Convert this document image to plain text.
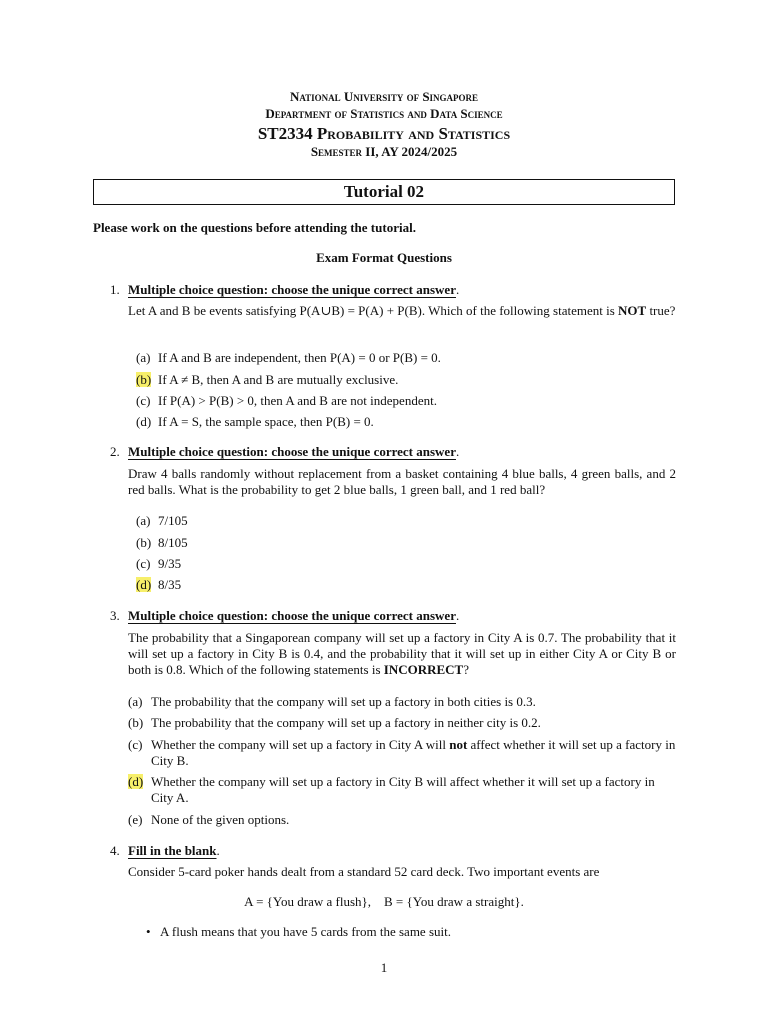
National University of Singapore
Department of Statistics and Data Science
ST2334 Probability and Statistics
Semester II, AY 2024/2025
Tutorial 02
Please work on the questions before attending the tutorial.
Exam Format Questions
1. Multiple choice question: choose the unique correct answer.
Let A and B be events satisfying P(A∪B) = P(A) + P(B). Which of the following statement is NOT true?
(a) If A and B are independent, then P(A) = 0 or P(B) = 0.
(b) If A ≠ B, then A and B are mutually exclusive.
(c) If P(A) > P(B) > 0, then A and B are not independent.
(d) If A = S, the sample space, then P(B) = 0.
2. Multiple choice question: choose the unique correct answer.
Draw 4 balls randomly without replacement from a basket containing 4 blue balls, 4 green balls, and 2 red balls. What is the probability to get 2 blue balls, 1 green ball, and 1 red ball?
(a) 7/105
(b) 8/105
(c) 9/35
(d) 8/35
3. Multiple choice question: choose the unique correct answer.
The probability that a Singaporean company will set up a factory in City A is 0.7. The probability that it will set up a factory in City B is 0.4, and the probability that it will set up in either City A or City B or both is 0.8. Which of the following statements is INCORRECT?
(a) The probability that the company will set up a factory in both cities is 0.3.
(b) The probability that the company will set up a factory in neither city is 0.2.
(c) Whether the company will set up a factory in City A will not affect whether it will set up a factory in City B.
(d) Whether the company will set up a factory in City B will affect whether it will set up a factory in City A.
(e) None of the given options.
4. Fill in the blank.
Consider 5-card poker hands dealt from a standard 52 card deck. Two important events are
A = {You draw a flush},    B = {You draw a straight}.
• A flush means that you have 5 cards from the same suit.
1
